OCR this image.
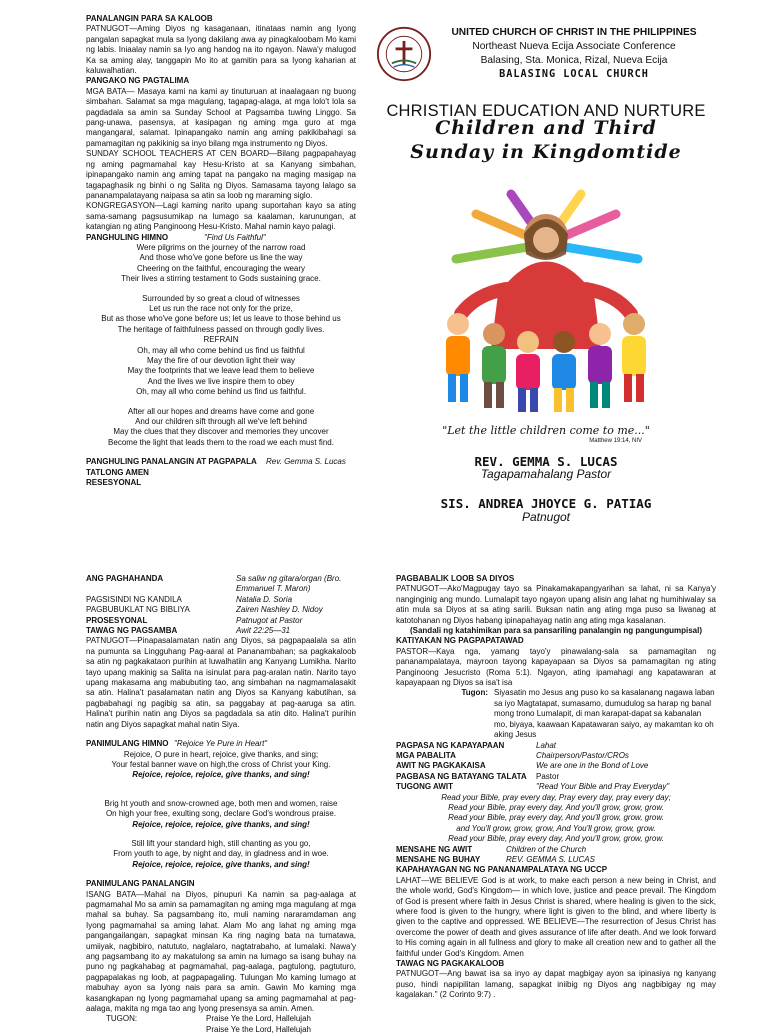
PANALANGIN PARA SA KALOOB
PATNUGOT—Aming Diyos ng kasaganaan, itinataas namin ang Iyong pangalan sapagkat mula sa Iyong dakilang awa ay pinagkaloobam Mo kami ng labis. Iniaalay namin sa Iyo ang handog na ito ngayon. Nawa'y malugod Ka sa aming alay, tanggapin Mo ito at gamitin para sa Iyong kaharian at kaluwalhatian.
PANGAKO NG PAGTALIMA
MGA BATA— Masaya kami na kami ay tinuturuan at inaalagaan ng buong simbahan. Salamat sa mga magulang, tagapag-alaga, at mga lolo't lola sa pagdadala sa amin sa Sunday School at Pagsamba tuwing Linggo. Sa pang-unawa, pasensya, at kasipagan ng aming mga guro at mga mangangaral, salamat. Ipinapangako namin ang aming pakikibahagi sa pamamagitan ng pakikinig sa inyo bilang mga instrumento ng Diyos.
SUNDAY SCHOOL TEACHERS AT CEN BOARD—Bilang pagpapahayag ng aming pagmamahal kay Hesu-Kristo at sa Kanyang simbahan, ipinapangako namin ang aming tapat na pangako na maging masigap na tagapaghasik ng binhi o ng Salita ng Diyos. Samasama tayong lalago sa pananampalatayang naipasa sa atin sa loob ng maraming siglo.
KONGREGASYON—Lagi kaming narito upang suportahan kayo sa ating sama-samang pagsusumikap na lumago sa kaalaman, karunungan, at katangian ng ating Panginoong Hesu-Kristo. Mahal namin kayo palagi.
PANGHULING HIMNO	"Find Us Faithful"
Were pilgrims on the journey of the narrow road
And those who've gone before us line the way
Cheering on the faithful, encouraging the weary
Their lives a stirring testament to Gods sustaining grace.
Surrounded by so great a cloud of witnesses
Let us run the race not only for the prize,
But as those who've gone before us; let us leave to those behind us
The heritage of faithfulness passed on through godly lives.
REFRAIN
Oh, may all who come behind us find us faithful
May the fire of our devotion light their way
May the footprints that we leave lead them to believe
And the lives we live inspire them to obey
Oh, may all who come behind us find us faithful.
After all our hopes and dreams have come and gone
And our children sift through all we've left behind
May the clues that they discover and memories they uncover
Become the light that leads them to the road we each must find.
PANGHULING PANALANGIN AT PAGPAPALA	Rev. Gemma S. Lucas
TATLONG AMEN
RESESYONAL
UNITED CHURCH OF CHRIST IN THE PHILIPPINES
Northeast Nueva Ecija Associate Conference
Balasing, Sta. Monica, Rizal, Nueva Ecija
BALASING LOCAL CHURCH
CHRISTIAN EDUCATION AND NURTURE
Children and Third
Sunday in Kingdomtide
"Let the little children come to me..."
Matthew 19:14, NIV
REV. GEMMA S. LUCAS
Tagapamahalang Pastor
SIS. ANDREA JHOYCE G. PATIAG
Patnugot
ANG PAGHAHANDA	Sa saliw ng gitara/organ (Bro. Emmanuel T. Maron)
PAGSISINDI NG KANDILA	Natalia D. Soria
PAGBUBUKLAT NG BIBLIYA	Zairen Nashley D. Nidoy
PROSESYONAL	Patnugot at Pastor
TAWAG NG PAGSAMBA	Awit 22:25—31
PATNUGOT—Pinapasalamatan natin ang Diyos, sa pagpapaalala sa atin na pumunta sa Lingguhang Pag-aaral at Pananambahan; sa pagkakaloob sa atin ng pagkakataon purihin at luwalhatiin ang Kanyang Lumikha. Narito tayo upang makinig sa Salita na isinulat para pag-aralan natin. Narito tayo upang makasama ang mabubuting tao, ang simbahan na nagmamalasakit sa atin. Halina't pasalamatan natin ang Diyos sa Kanyang kabutihan, sa pagbabahagi ng pagibig sa atin, sa paggabay at pag-aaruga sa atin. Halina't purihin natin ang Diyos sa pagdadala sa atin dito. Halina't purihin natin ang Diyos sapagkat mahal natin Siya.
PANIMULANG HIMNO "Rejoice Ye Pure in Heart"
Rejoice, O pure in heart, rejoice, give thanks, and sing;
Your festal banner wave on high,the cross of Christ your King.
Rejoice, rejoice, rejoice, give thanks, and sing!
Brig ht youth and snow-crowned age, both men and women, raise
On high your free, exulting song, declare God's wondrous praise.
Rejoice, rejoice, rejoice, give thanks, and sing!
Still lift your standard high, still chanting as you go,
From youth to age, by night and day, in gladness and in woe.
Rejoice, rejoice, rejoice, give thanks, and sing!
PANIMULANG PANALANGIN
ISANG BATA—Mahal na Diyos, pinupuri Ka namin sa pag-aalaga at pagmamahal Mo sa amin sa pamamagitan ng aming mga magulang at mga mahal sa buhay. Sa pagsambang ito, muli naming nararamdaman ang Iyong pagmamahal sa aming lahat. Alam Mo ang lahat ng aming mga pangangailangan, sapagkat minsan Ka ring naging bata na tumatawa, umiiyak, nagbibiro, natututo, naglalaro, nagtatrabaho, at lumalaki. Nawa'y ang pagsambang ito ay makatulong sa amin na lumago sa isang buhay na puno ng pagkahabag at pagmamahal, pag-aalaga, pagtulong, pagtuturo, pagpapalakas ng loob, at pagpapagaling. Tulungan Mo kaming lumago at mabuhay ayon sa Iyong nais para sa amin. Gawin Mo kaming mga kasangkapan ng Iyong pagmamahal upang sa aming pagmamahal at pag-aalaga, makita ng mga tao ang Iyong presensya sa amin. Amen.
TUGON:	Praise Ye the Lord, Hallelujah
Praise Ye the Lord, Hallelujah
PAGBABALIK LOOB SA DIYOS
PATNUGOT—Ako'Magpugay tayo sa Pinakamakapangyarihan sa lahat, ni sa Kanya'y nanginginig ang mundo. Lumalapit tayo ngayon upang alisin ang lahat ng humihiwalay sa atin mula sa Diyos at sa ating sarili. Buksan natin ang ating mga puso sa liwanag at katotohanan ng Diyos habang ipinapahayag natin ang ating mga kasalanan.
(Sandali ng katahimikan para sa pansariling panalangin ng pangungumpisal)
KATIYAKAN NG PAGPAPATAWAD
PASTOR—Kaya nga, yamang tayo'y pinawalang-sala sa pamamagitan ng pananampalataya, mayroon tayong kapayapaan sa Diyos sa pamamagitan ng ating Panginoong Jesucristo (Roma 5:1). Ngayon, ating ipamahagi ang kapatawaran at kapayapaan ng Diyos sa isa't isa
Tugon: Siyasatin mo Jesus ang puso ko sa kasalanang nagawa laban sa iyo Magtatapat, sumasamo, dumudulog sa harap ng banal mong trono Lumalapit, di man karapat-dapat sa kabanalan mo, biyaya, kaawaan Kapatawaran saiyo, ay makamtan ko oh aking Jesus
PAGPASA NG KAPAYAPAAN	Lahat
MGA PABALITA	Chairperson/Pastor/CROs
AWIT NG PAGKAKAISA	We are one in the Bond of Love
PAGBASA NG BATAYANG TALATA	Pastor
TUGONG AWIT	"Read Your Bible and Pray Everyday"
Read your Bible, pray every day, Pray every day, pray every day;
Read your Bible, pray every day, And you'll grow, grow, grow.
Read your Bible, pray every day, And you'll grow, grow, grow.
and You'll grow, grow, grow, And You'll grow, grow, grow.
Read your Bible, pray every day, And you'll grow, grow, grow.
MENSAHE NG AWIT	Children of the Church
MENSAHE NG BUHAY	REV. GEMMA S. LUCAS
KAPAHAYAGAN NG NG PANANAMPALATAYA NG UCCP
LAHAT—WE BELIEVE God is at work, to make each person a new being in Christ, and the whole world, God's Kingdom— in which love, justice and peace prevail. The Kingdom of God is present where faith in Jesus Christ is shared, where healing is given to the sick, where food is given to the hungry, where light is given to the blind, and where liberty is given to the captive and oppressed. WE BELIEVE—The resurrection of Jesus Christ has overcome the power of death and gives assurance of life after death. And we look forward to His coming again in all fullness and glory to make all creation new and to gather all the faithful under God's Kingdom. Amen
TAWAG NG PAGKAKALOOB
PATNUGOT—Ang bawat isa sa inyo ay dapat magbigay ayon sa ipinasiya ng kanyang puso, hindi napipilitan lamang, sapagkat iniibig ng Diyos ang nagbibigay ng may kagalakan." (2 Corinto 9:7) .
